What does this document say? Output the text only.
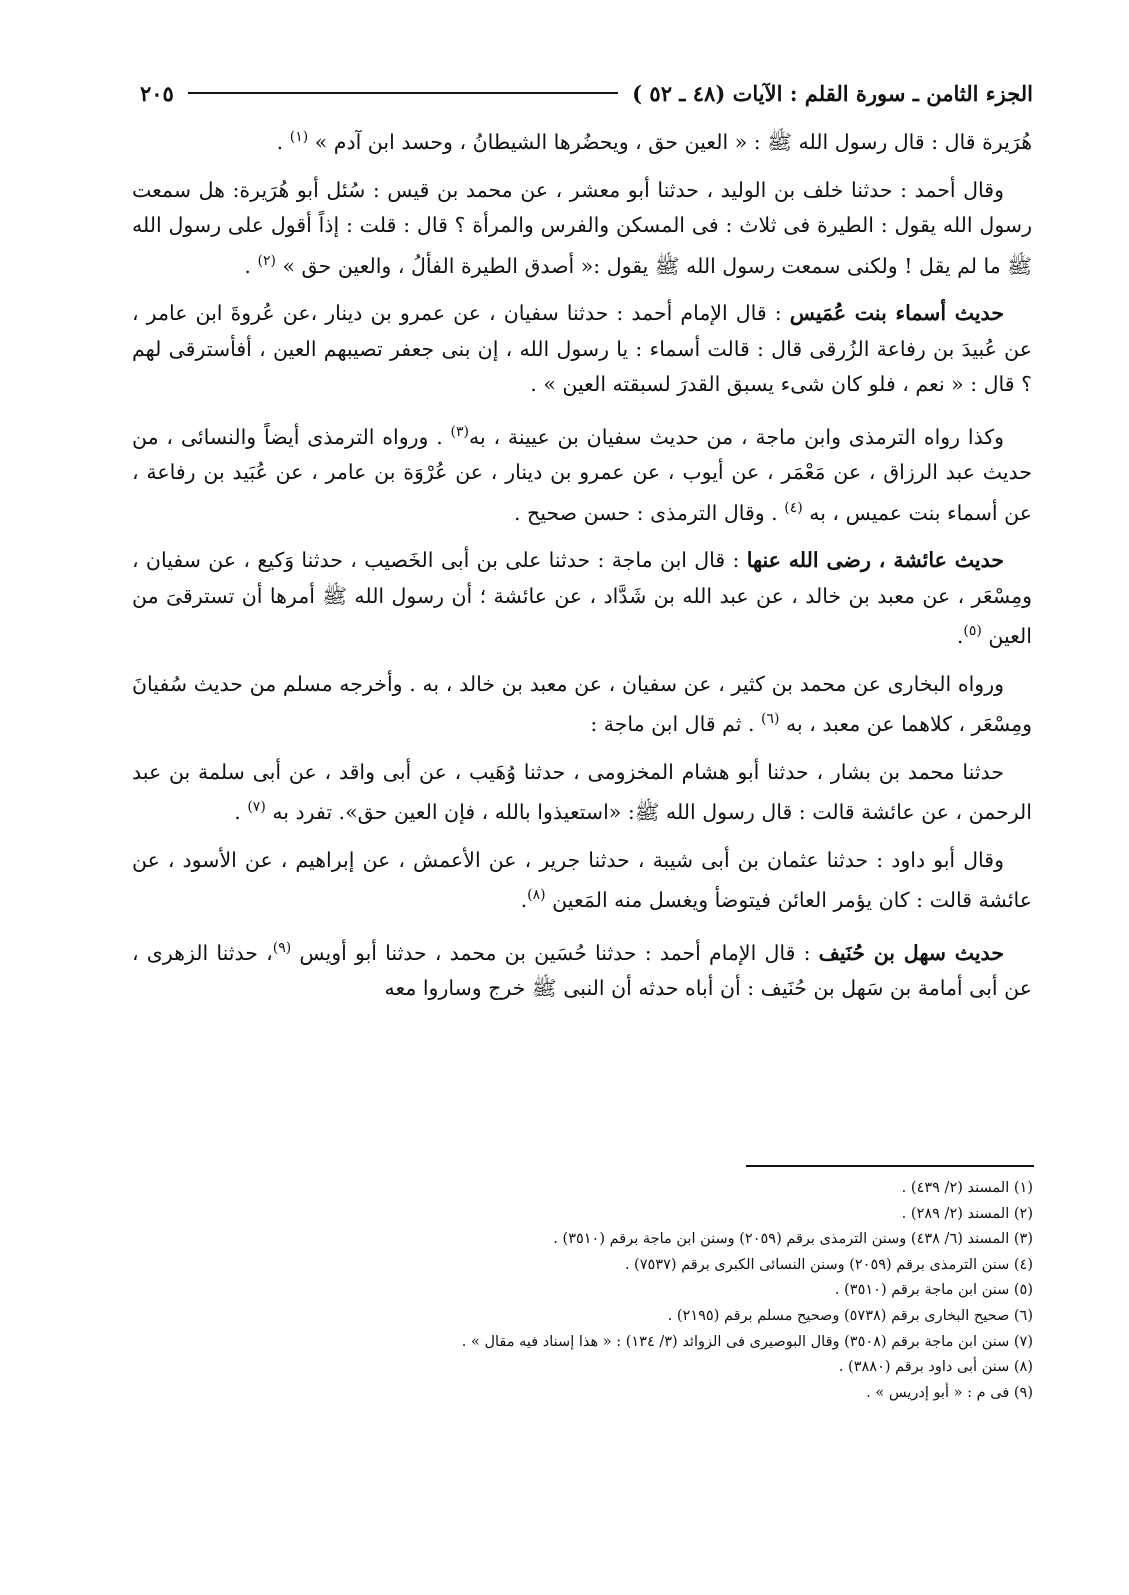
الجزء الثامن ـ سورة القلم : الآيات (٤٨ ـ ٥٢ )
٢٠٥

هُرَيرة قال : قال رسول الله ﷺ : « العين حق ، ويحضُرها الشيطانُ ، وحسد ابن آدم » $^{(١)}$ .

وقال أحمد : حدثنا خلف بن الوليد ، حدثنا أبو معشر ، عن محمد بن قيس : سُئل أبو هُرَيرة: هل سمعت رسول الله يقول : الطيرة فى ثلاث : فى المسكن والفرس والمرأة ؟ قال : قلت : إذاً أقول على رسول الله ﷺ ما لم يقل ! ولكنى سمعت رسول الله ﷺ يقول :« أصدق الطيرة الفألُ ، والعين حق » $^{(٢)}$ .

حديث أسماء بنت عُمَيس : قال الإمام أحمد : حدثنا سفيان ، عن عمرو بن دينار ،عن عُروةَ ابن عامر ، عن عُبيدَ بن رفاعة الزُرقى قال : قالت أسماء : يا رسول الله ، إن بنى جعفر تصيبهم العين ، أفأسترقى لهم ؟ قال : « نعم ، فلو كان شىء يسبق القدرَ لسبقته العين » .

وكذا رواه الترمذى وابن ماجة ، من حديث سفيان بن عيينة ، به$^{(٣)}$ . ورواه الترمذى أيضاً والنسائى ، من حديث عبد الرزاق ، عن مَعْمَر ، عن أيوب ، عن عمرو بن دينار ، عن عُرْوَة بن عامر ، عن عُبَيد بن رفاعة ، عن أسماء بنت عميس ، به $^{(٤)}$ . وقال الترمذى : حسن صحيح .

حديث عائشة ، رضى الله عنها : قال ابن ماجة : حدثنا على بن أبى الخَصيب ، حدثنا وَكيع ، عن سفيان ، ومِسْعَر ، عن معبد بن خالد ، عن عبد الله بن شَدَّاد ، عن عائشة ؛ أن رسول الله ﷺ أمرها أن تسترقىَ من العين $^{(٥)}$.

ورواه البخارى عن محمد بن كثير ، عن سفيان ، عن معبد بن خالد ، به . وأخرجه مسلم من حديث سُفيانَ ومِسْعَر ، كلاهما عن معبد ، به $^{(٦)}$ . ثم قال ابن ماجة :

حدثنا محمد بن بشار ، حدثنا أبو هشام المخزومى ، حدثنا وُهَيب ، عن أبى واقد ، عن أبى سلمة بن عبد الرحمن ، عن عائشة قالت : قال رسول الله ﷺ: «استعيذوا بالله ، فإن العين حق». تفرد به $^{(٧)}$ .

وقال أبو داود : حدثنا عثمان بن أبى شيبة ، حدثنا جرير ، عن الأعمش ، عن إبراهيم ، عن الأسود ، عن عائشة قالت : كان يؤمر العائن فيتوضأ ويغسل منه المَعين $^{(٨)}$.

حديث سهل بن حُنَيف : قال الإمام أحمد : حدثنا حُسَين بن محمد ، حدثنا أبو أويس $^{(٩)}$، حدثنا الزهرى ، عن أبى أمامة بن سَهل بن حُنَيف : أن أباه حدثه أن النبى ﷺ خرج وساروا معه

(١) المسند (٢/ ٤٣٩) .
(٢) المسند (٢/ ٢٨٩) .
(٣) المسند (٦/ ٤٣٨) وسنن الترمذى برقم (٢٠٥٩) وسنن ابن ماجة برقم (٣٥١٠) .
(٤) سنن الترمذى برقم (٢٠٥٩) وسنن النسائى الكبرى برقم (٧٥٣٧) .
(٥) سنن ابن ماجة برقم (٣٥١٠) .
(٦) صحيح البخارى برقم (٥٧٣٨) وصحيح مسلم برقم (٢١٩٥) .
(٧) سنن ابن ماجة برقم (٣٥٠٨) وقال البوصيرى فى الزوائد (٣/ ١٣٤) : « هذا إسناد فيه مقال » .
(٨) سنن أبى داود برقم (٣٨٨٠) .
(٩) فى م : « أبو إدريس » .
